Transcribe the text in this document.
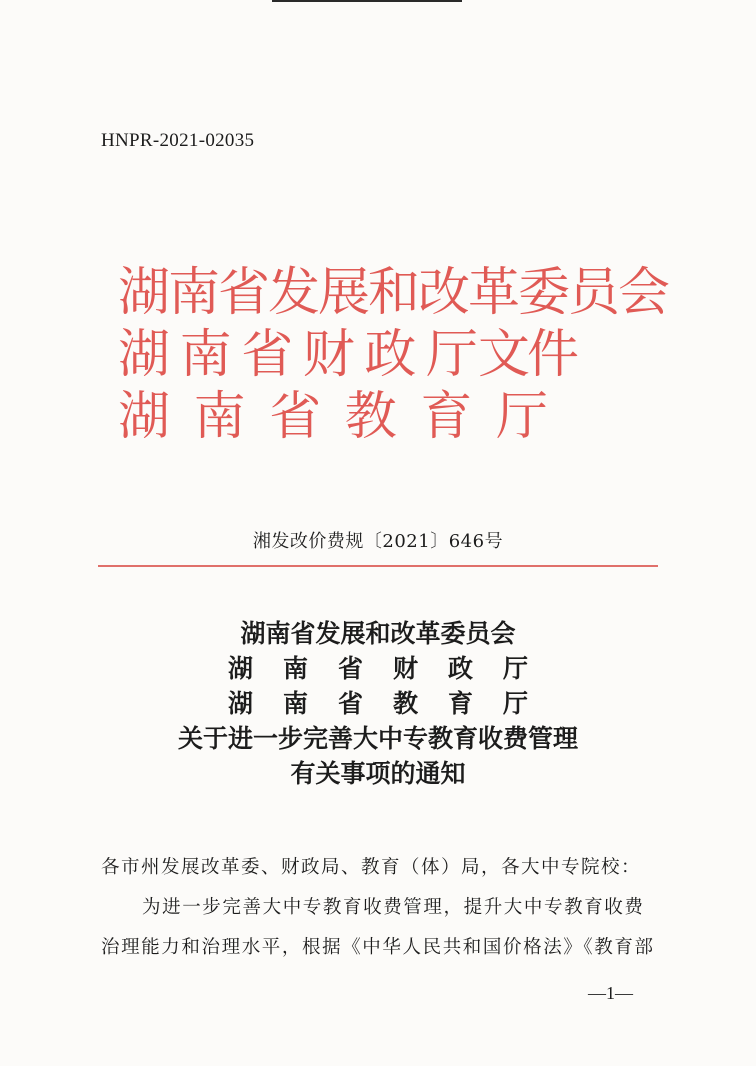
HNPR-2021-02035
湖南省发展和改革委员会
湖南省财政厅文件
湖南省教育厅
湘发改价费规〔2021〕646号
湖南省发展和改革委员会
湖南省财政厅
湖南省教育厅
关于进一步完善大中专教育收费管理
有关事项的通知
各市州发展改革委、财政局、教育（体）局，各大中专院校：
为进一步完善大中专教育收费管理，提升大中专教育收费
治理能力和治理水平，根据《中华人民共和国价格法》《教育部
—1—
